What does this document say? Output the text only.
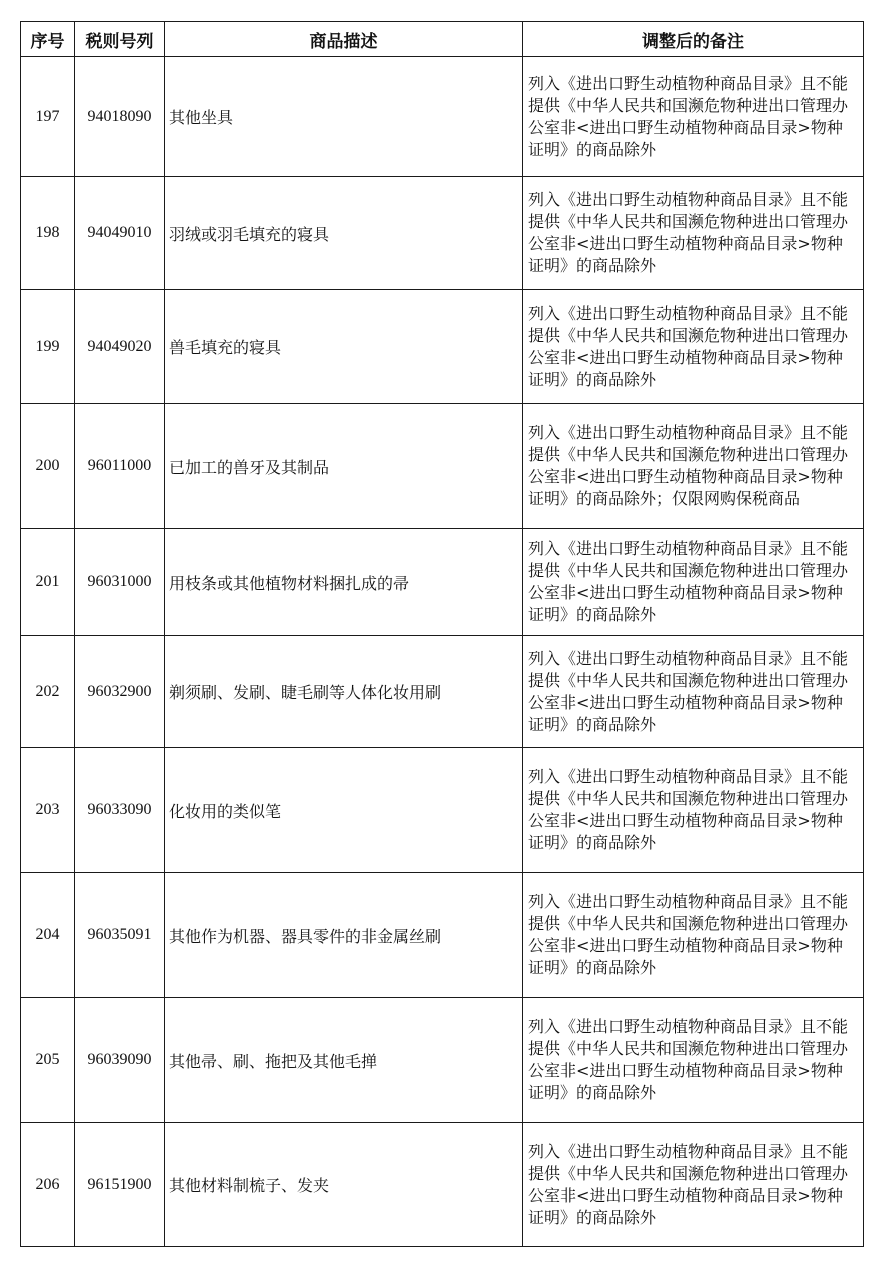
序号	税则号列	商品描述	调整后的备注
197	94018090	其他坐具	列入《进出口野生动植物种商品目录》且不能提供《中华人民共和国濒危物种进出口管理办公室非<进出口野生动植物种商品目录>物种证明》的商品除外
198	94049010	羽绒或羽毛填充的寝具	列入《进出口野生动植物种商品目录》且不能提供《中华人民共和国濒危物种进出口管理办公室非<进出口野生动植物种商品目录>物种证明》的商品除外
199	94049020	兽毛填充的寝具	列入《进出口野生动植物种商品目录》且不能提供《中华人民共和国濒危物种进出口管理办公室非<进出口野生动植物种商品目录>物种证明》的商品除外
200	96011000	已加工的兽牙及其制品	列入《进出口野生动植物种商品目录》且不能提供《中华人民共和国濒危物种进出口管理办公室非<进出口野生动植物种商品目录>物种证明》的商品除外；仅限网购保税商品
201	96031000	用枝条或其他植物材料捆扎成的帚	列入《进出口野生动植物种商品目录》且不能提供《中华人民共和国濒危物种进出口管理办公室非<进出口野生动植物种商品目录>物种证明》的商品除外
202	96032900	剃须刷、发刷、睫毛刷等人体化妆用刷	列入《进出口野生动植物种商品目录》且不能提供《中华人民共和国濒危物种进出口管理办公室非<进出口野生动植物种商品目录>物种证明》的商品除外
203	96033090	化妆用的类似笔	列入《进出口野生动植物种商品目录》且不能提供《中华人民共和国濒危物种进出口管理办公室非<进出口野生动植物种商品目录>物种证明》的商品除外
204	96035091	其他作为机器、器具零件的非金属丝刷	列入《进出口野生动植物种商品目录》且不能提供《中华人民共和国濒危物种进出口管理办公室非<进出口野生动植物种商品目录>物种证明》的商品除外
205	96039090	其他帚、刷、拖把及其他毛掸	列入《进出口野生动植物种商品目录》且不能提供《中华人民共和国濒危物种进出口管理办公室非<进出口野生动植物种商品目录>物种证明》的商品除外
206	96151900	其他材料制梳子、发夹	列入《进出口野生动植物种商品目录》且不能提供《中华人民共和国濒危物种进出口管理办公室非<进出口野生动植物种商品目录>物种证明》的商品除外
